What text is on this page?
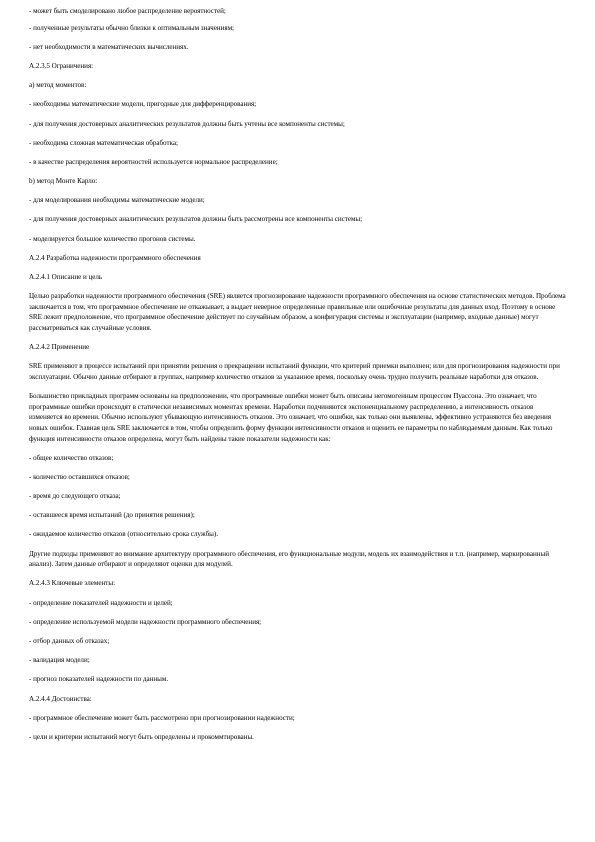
- может быть смоделировано любое распределение вероятностей;

- полученные результаты обычно близки к оптимальным значениям;

- нет необходимости в математических вычислениях.

А.2.3.5 Ограничения:

a) метод моментов:

- необходимы математические модели, пригодные для дифференцирования;

- для получения достоверных аналитических результатов должны быть учтены все компоненты системы;

- необходима сложная математическая обработка;

- в качестве распределения вероятностей используется нормальное распределение;

b) метод Монте Карло:

- для моделирования необходимы математические модели;

- для получения достоверных аналитических результатов должны быть рассмотрены все компоненты системы;

- моделируется большое количество прогонов системы.

А.2.4 Разработка надежности программного обеспечения

А.2.4.1 Описание и цель

Целью разработки надежности программного обеспечения (SRE) является прогнозирование надежности программного обеспечения на основе статистических методов. Проблема заключается в том, что программное обеспечение не откажывает, а выдает неверное определенные правильные или ошибочные результаты для данных вход. Поэтому в основе SRE лежит предположение, что программное обеспечение действует по случайным образом, а конфигурация системы и эксплуатации (например, входные данные) могут рассматриваться как случайные условия.

А.2.4.2 Применение

SRE применяют в процессе испытаний при принятии решения о прекращении испытаний функции, что критерий приемки выполнен; или для прогнозирования надежности при эксплуатации. Обычно данные отбирают в группах, например количество отказов за указанное время, поскольку очень трудно получить реальные наработки для отказов.

Большинство прикладных программ основаны на предположении, что программные ошибки может быть описаны негомогенным процессом Пуассона. Это означает, что программные ошибки происходят в статически независимых моментах времени. Наработки подчиняются экспоненциальному распределению, а интенсивность отказов изменяется во времени. Обычно используют убывающую интенсивность отказов. Это означает, что ошибки, как только они выявлены, эффективно устраняются без введения новых ошибок. Главная цель SRE заключается в том, чтобы определить форму функции интенсивности отказов и оценить ее параметры по наблюдаемым данным. Как только функция интенсивности отказов определена, могут быть найдены такие показатели надежности как:

- общее количество отказов;

- количество оставшихся отказов;

- время до следующего отказа;

- оставшееся время испытаний (до принятия решения);

- ожидаемое количество отказов (относительно срока службы).

Другие подходы применяют во внимание архитектуру программного обеспечения, его функциональные модули, модель их взаимодействия и т.п. (например, маркированный анализ). Затем данные отбирают и определяют оценки для модулей.

А.2.4.3 Ключевые элементы:

- определение показателей надежности и целей;

- определение используемой модели надежности программного обеспечения;

- отбор данных об отказах;

- валидация модели;

- прогноз показателей надежности по данным.

А.2.4.4 Достоинства:

- программное обеспечение может быть рассмотрено при прогнозировании надежности;

- цели и критерии испытаний могут быть определены и прокоммтированы.
